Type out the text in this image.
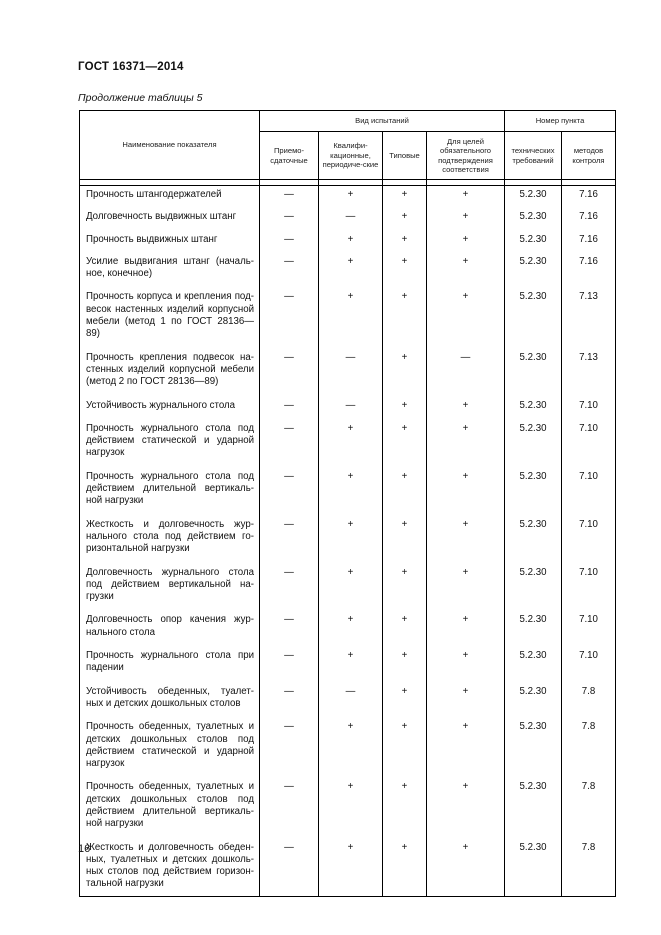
ГОСТ 16371—2014
Продолжение таблицы 5
Наименование показателя	Вид испытаний				Номер пункта	
	Приемо-сдаточные	Квалифи-кационные, периодиче-ские	Типовые	Для целей обязательного подтверждения соответствия	технических требований	методов контроля

Прочность штангодержателей	—	+	+	+	5.2.30	7.16
Долговечность выдвижных штанг	—	—	+	+	5.2.30	7.16
Прочность выдвижных штанг	—	+	+	+	5.2.30	7.16
Усилие выдвигания штанг (началь-ное, конечное)	—	+	+	+	5.2.30	7.16
Прочность корпуса и крепления под-весок настенных изделий корпусной мебели (метод 1 по ГОСТ 28136—89)	—	+	+	+	5.2.30	7.13
Прочность крепления подвесок на-стенных изделий корпусной мебели (метод 2 по ГОСТ 28136—89)	—	—	+	—	5.2.30	7.13
Устойчивость журнального стола	—	—	+	+	5.2.30	7.10
Прочность журнального стола под действием статической и ударной нагрузок	—	+	+	+	5.2.30	7.10
Прочность журнального стола под действием длительной вертикаль-ной нагрузки	—	+	+	+	5.2.30	7.10
Жесткость и долговечность жур-нального стола под действием го-ризонтальной нагрузки	—	+	+	+	5.2.30	7.10
Долговечность журнального стола под действием вертикальной на-грузки	—	+	+	+	5.2.30	7.10
Долговечность опор качения жур-нального стола	—	+	+	+	5.2.30	7.10
Прочность журнального стола при падении	—	+	+	+	5.2.30	7.10
Устойчивость обеденных, туалет-ных и детских дошкольных столов	—	—	+	+	5.2.30	7.8
Прочность обеденных, туалетных и детских дошкольных столов под действием статической и ударной нагрузок	—	+	+	+	5.2.30	7.8
Прочность обеденных, туалетных и детских дошкольных столов под действием длительной вертикаль-ной нагрузки	—	+	+	+	5.2.30	7.8
Жесткость и долговечность обеден-ных, туалетных и детских дошколь-ных столов под действием горизон-тальной нагрузки	—	+	+	+	5.2.30	7.8
16
